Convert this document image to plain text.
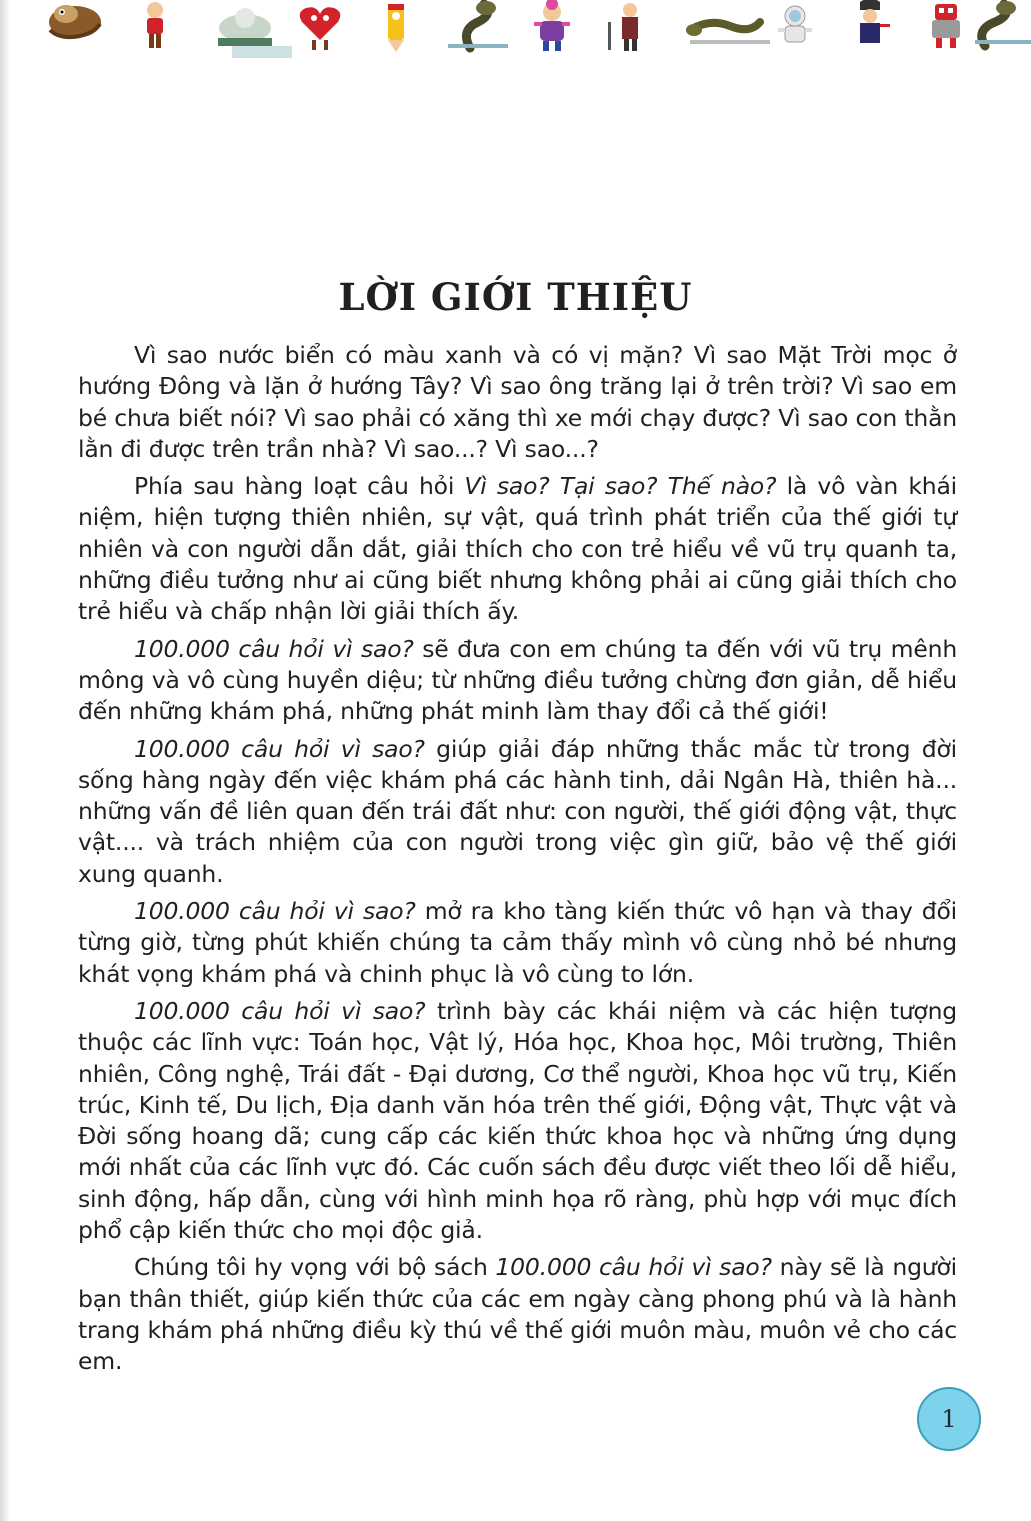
LỜI GIỚI THIỆU

Vì sao nước biển có màu xanh và có vị mặn? Vì sao Mặt Trời mọc ở hướng Đông và lặn ở hướng Tây? Vì sao ông trăng lại ở trên trời? Vì sao em bé chưa biết nói? Vì sao phải có xăng thì xe mới chạy được? Vì sao con thằn lằn đi được trên trần nhà? Vì sao...? Vì sao...?

Phía sau hàng loạt câu hỏi Vì sao? Tại sao? Thế nào? là vô vàn khái niệm, hiện tượng thiên nhiên, sự vật, quá trình phát triển của thế giới tự nhiên và con người dẫn dắt, giải thích cho con trẻ hiểu về vũ trụ quanh ta, những điều tưởng như ai cũng biết nhưng không phải ai cũng giải thích cho trẻ hiểu và chấp nhận lời giải thích ấy.

100.000 câu hỏi vì sao? sẽ đưa con em chúng ta đến với vũ trụ mênh mông và vô cùng huyền diệu; từ những điều tưởng chừng đơn giản, dễ hiểu đến những khám phá, những phát minh làm thay đổi cả thế giới!

100.000 câu hỏi vì sao? giúp giải đáp những thắc mắc từ trong đời sống hàng ngày đến việc khám phá các hành tinh, dải Ngân Hà, thiên hà... những vấn đề liên quan đến trái đất như: con người, thế giới động vật, thực vật.... và trách nhiệm của con người trong việc gìn giữ, bảo vệ thế giới xung quanh.

100.000 câu hỏi vì sao? mở ra kho tàng kiến thức vô hạn và thay đổi từng giờ, từng phút khiến chúng ta cảm thấy mình vô cùng nhỏ bé nhưng khát vọng khám phá và chinh phục là vô cùng to lớn.

100.000 câu hỏi vì sao? trình bày các khái niệm và các hiện tượng thuộc các lĩnh vực: Toán học, Vật lý, Hóa học, Khoa học, Môi trường, Thiên nhiên, Công nghệ, Trái đất - Đại dương, Cơ thể người, Khoa học vũ trụ, Kiến trúc, Kinh tế, Du lịch, Địa danh văn hóa trên thế giới, Động vật, Thực vật và Đời sống hoang dã; cung cấp các kiến thức khoa học và những ứng dụng mới nhất của các lĩnh vực đó. Các cuốn sách đều được viết theo lối dễ hiểu, sinh động, hấp dẫn, cùng với hình minh họa rõ ràng, phù hợp với mục đích phổ cập kiến thức cho mọi độc giả.

Chúng tôi hy vọng với bộ sách 100.000 câu hỏi vì sao? này sẽ là người bạn thân thiết, giúp kiến thức của các em ngày càng phong phú và là hành trang khám phá những điều kỳ thú về thế giới muôn màu, muôn vẻ cho các em.

1
